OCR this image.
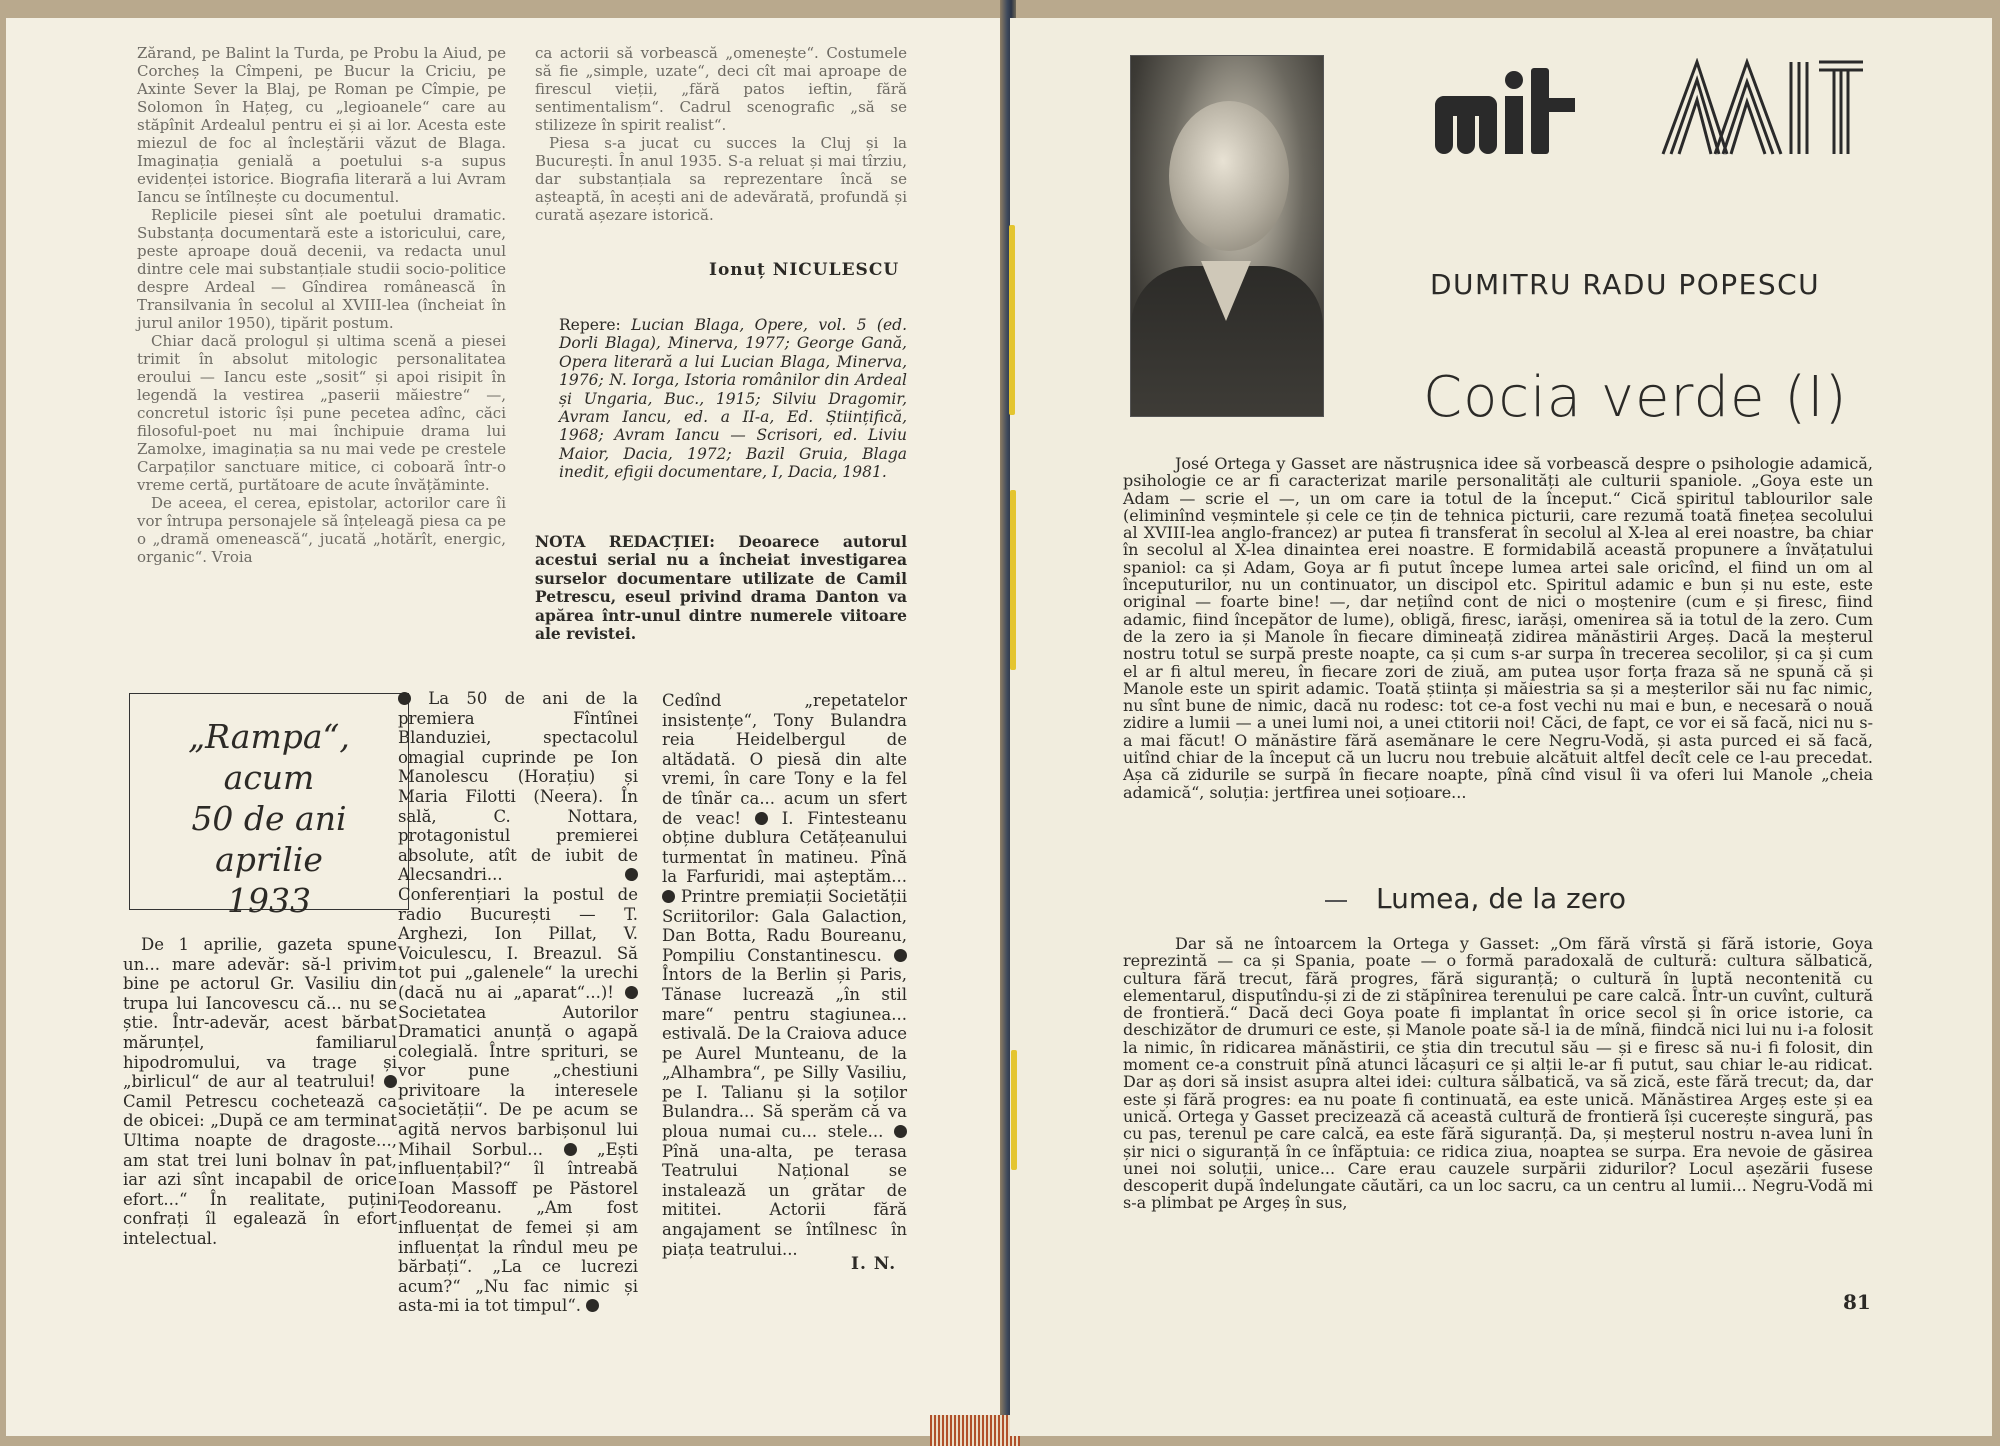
Zărand, pe Balint la Turda, pe Probu la Aiud, pe Corcheș la Cîmpeni, pe Bucur la Criciu, pe Axinte Sever la Blaj, pe Roman pe Cîmpie, pe Solomon în Hațeg, cu „legioanele“ care au stăpînit Ardealul pentru ei și ai lor. Acesta este miezul de foc al încleștării văzut de Blaga. Imaginația genială a poetului s-a supus evidenței istorice. Biografia literară a lui Avram Iancu se întîlnește cu documentul.

Replicile piesei sînt ale poetului dramatic. Substanța documentară este a istoricului, care, peste aproape două decenii, va redacta unul dintre cele mai substanțiale studii socio-politice despre Ardeal — Gîndirea românească în Transilvania în secolul al XVIII-lea (încheiat în jurul anilor 1950), tipărit postum.

Chiar dacă prologul și ultima scenă a piesei trimit în absolut mitologic personalitatea eroului — Iancu este „sosit“ și apoi risipit în legendă la vestirea „paserii măiestre“ —, concretul istoric își pune pecetea adînc, căci filosoful-poet nu mai închipuie drama lui Zamolxe, imaginația sa nu mai vede pe crestele Carpaților sanctuare mitice, ci coboară într-o vreme certă, purtătoare de acute învățăminte.

De aceea, el cerea, epistolar, actorilor care îi vor întrupa personajele să înțeleagă piesa ca pe o „dramă omenească“, jucată „hotărît, energic, organic“. Vroia

ca actorii să vorbească „omenește“. Costumele să fie „simple, uzate“, deci cît mai aproape de firescul vieții, „fără patos ieftin, fără sentimentalism“. Cadrul scenografic „să se stilizeze în spirit realist“.

Piesa s-a jucat cu succes la Cluj și la București. În anul 1935. S-a reluat și mai tîrziu, dar substanțiala sa reprezentare încă se așteaptă, în acești ani de adevărată, profundă și curată așezare istorică.

Ionuț NICULESCU
Repere: Lucian Blaga, Opere, vol. 5 (ed. Dorli Blaga), Minerva, 1977; George Gană, Opera literară a lui Lucian Blaga, Minerva, 1976; N. Iorga, Istoria românilor din Ardeal și Ungaria, Buc., 1915; Silviu Dragomir, Avram Iancu, ed. a II-a, Ed. Științifică, 1968; Avram Iancu — Scrisori, ed. Liviu Maior, Dacia, 1972; Bazil Gruia, Blaga inedit, efigii documentare, I, Dacia, 1981.
NOTA REDACȚIEI: Deoarece autorul acestui serial nu a încheiat investigarea surselor documentare utilizate de Camil Petrescu, eseul privind drama Danton va apărea într-unul dintre numerele viitoare ale revistei.
„Rampa“,
acum
50 de ani
aprilie
1933
De 1 aprilie, gazeta spune un... mare adevăr: să-l privim bine pe actorul Gr. Vasiliu din trupa lui Iancovescu că... nu se știe. Într-adevăr, acest bărbat mărunțel, familiarul hipodromului, va trage și „birlicul“ de aur al teatrului!  Camil Petrescu cochetează ca de obicei: „După ce am terminat Ultima noapte de dragoste..., am stat trei luni bolnav în pat, iar azi sînt incapabil de orice efort...“ În realitate, puțini confrați îl egalează în efort intelectual.
La 50 de ani de la premiera Fîntînei Blanduziei, spectacolul omagial cuprinde pe Ion Manolescu (Horațiu) și Maria Filotti (Neera). În sală, C. Nottara, protagonistul premierei absolute, atît de iubit de Alecsandri...  Conferențiari la postul de radio București — T. Arghezi, Ion Pillat, V. Voiculescu, I. Breazul. Să tot pui „galenele“ la urechi (dacă nu ai „aparat“...)!  Societatea Autorilor Dramatici anunță o agapă colegială. Între sprituri, se vor pune „chestiuni privitoare la interesele societății“. De pe acum se agită nervos barbișonul lui Mihail Sorbul...	„Ești influențabil?“ îl întreabă Ioan Massoff pe Păstorel Teodoreanu. „Am fost influențat de femei și am influențat la rîndul meu pe bărbați“. „La ce lucrezi acum?“ „Nu fac nimic și asta-mi ia tot timpul“.
Cedînd „repetatelor insistențe“, Tony Bulandra reia Heidelbergul de altădată. O piesă din alte vremi, în care Tony e la fel de tînăr ca... acum un sfert de veac! I. Fintesteanu obține dublura Cetățeanului turmentat în matineu. Pînă la Farfuridi, mai așteptăm...  Printre premiații Societății Scriitorilor: Gala Galaction, Dan Botta, Radu Boureanu, Pompiliu Constantinescu.  Întors de la Berlin și Paris, Tănase lucrează „în stil mare“ pentru stagiunea... estivală. De la Craiova aduce pe Aurel Munteanu, de la „Alhambra“, pe Silly Vasiliu, pe I. Talianu și la soților Bulandra... Să sperăm că va ploua numai cu... stele...  Pînă una-alta, pe terasa Teatrului Național se instalează un grătar de mititei. Actorii fără angajament se întîlnesc în piața teatrului...
I. N.
DUMITRU RADU POPESCU
Cocia verde (I)

José Ortega y Gasset are năstrușnica idee să vorbească despre o psihologie adamică, psihologie ce ar fi caracterizat marile personalități ale culturii spaniole. „Goya este un Adam — scrie el —, un om care ia totul de la început.“ Cică spiritul tablourilor sale (eliminînd veșmintele și cele ce țin de tehnica picturii, care rezumă toată finețea secolului al XVIII-lea anglo-francez) ar putea fi transferat în secolul al X-lea al erei noastre, ba chiar în secolul al X-lea dinaintea erei noastre. E formidabilă această propunere a învățatului spaniol: ca și Adam, Goya ar fi putut începe lumea artei sale oricînd, el fiind un om al începuturilor, nu un continuator, un discipol etc. Spiritul adamic e bun și nu este, este original — foarte bine! —, dar nețiînd cont de nici o moștenire (cum e și firesc, fiind adamic, fiind începător de lume), obligă, firesc, iarăși, omenirea să ia totul de la zero. Cum de la zero ia și Manole în fiecare dimineață zidirea mănăstirii Argeș. Dacă la meșterul nostru totul se surpă preste noapte, ca și cum s-ar surpa în trecerea secolilor, și ca și cum el ar fi altul mereu, în fiecare zori de ziuă, am putea ușor forța fraza să ne spună că și Manole este un spirit adamic. Toată știința și măiestria sa și a meșterilor săi nu fac nimic, nu sînt bune de nimic, dacă nu rodesc: tot ce-a fost vechi nu mai e bun, e necesară o nouă zidire a lumii — a unei lumi noi, a unei ctitorii noi! Căci, de fapt, ce vor ei să facă, nici nu s-a mai făcut! O mănăstire fără asemănare le cere Negru-Vodă, și asta purced ei să facă, uitînd chiar de la început că un lucru nou trebuie alcătuit altfel decît cele ce l-au precedat. Așa că zidurile se surpă în fiecare noapte, pînă cînd visul îi va oferi lui Manole „cheia adamică“, soluția: jertfirea unei soțioare...

Lumea, de la zero

Dar să ne întoarcem la Ortega y Gasset: „Om fără vîrstă și fără istorie, Goya reprezintă — ca și Spania, poate — o formă paradoxală de cultură: cultura sălbatică, cultura fără trecut, fără progres, fără siguranță; o cultură în luptă necontenită cu elementarul, disputîndu-și zi de zi stăpînirea terenului pe care calcă. Într-un cuvînt, cultură de frontieră.“ Dacă deci Goya poate fi implantat în orice secol și în orice istorie, ca deschizător de drumuri ce este, și Manole poate să-l ia de mînă, fiindcă nici lui nu i-a folosit la nimic, în ridicarea mănăstirii, ce știa din trecutul său — și e firesc să nu-i fi folosit, din moment ce-a construit pînă atunci lăcașuri ce și alții le-ar fi putut, sau chiar le-au ridicat. Dar aș dori să insist asupra altei idei: cultura sălbatică, va să zică, este fără trecut; da, dar este și fără progres: ea nu poate fi continuată, ea este unică. Mănăstirea Argeș este și ea unică. Ortega y Gasset precizează că această cultură de frontieră își cucerește singură, pas cu pas, terenul pe care calcă, ea este fără siguranță. Da, și meșterul nostru n-avea luni în șir nici o siguranță în ce înfăptuia: ce ridica ziua, noaptea se surpa. Era nevoie de găsirea unei noi soluții, unice... Care erau cauzele surpării zidurilor? Locul așezării fusese descoperit după îndelungate căutări, ca un loc sacru, ca un centru al lumii... Negru-Vodă mi s-a plimbat pe Argeș în sus,

81
